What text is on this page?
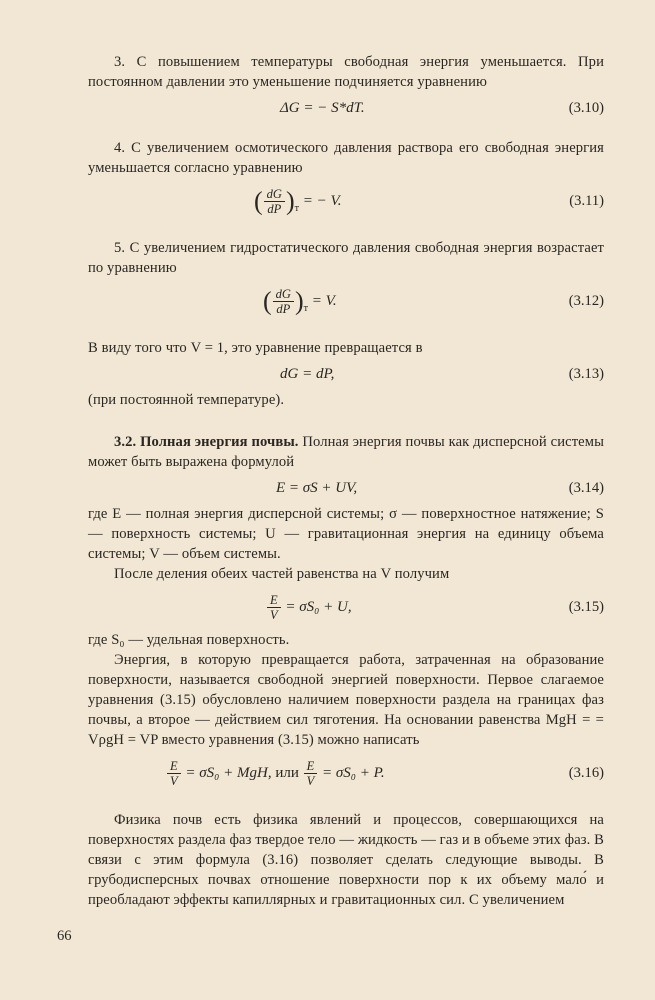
3. С повышением температуры свободная энергия уменьшается. При постоянном давлении это уменьшение подчиняется уравнению

ΔG = − S*dT.	(3.10)

4. С увеличением осмотического давления раствора его свободная энергия уменьшается согласно уравнению

( $\frac{dG}{dP} )_т$ = − V.	(3.11)

5. С увеличением гидростатического давления свободная энергия возрастает по уравнению

( $\frac{dG}{dP} )_т = V$.	(3.12)

В виду того что V = 1, это уравнение превращается в

dG = dP,	(3.13)

(при постоянной температуре).

3.2. Полная энергия почвы. Полная энергия почвы как дисперсной системы может быть выражена формулой

E = σS + UV,	(3.14)

где E — полная энергия дисперсной системы; σ — поверхностное натяжение; S — поверхность системы; U — гравитационная энергия на единицу объема системы; V — объем системы.

После деления обеих частей равенства на V получим

$\frac{E}{V} = \sigma S_0 + U$,	(3.15)

где S₀ — удельная поверхность.

Энергия, в которую превращается работа, затраченная на образование поверхности, называется свободной энергией поверхности. Первое слагаемое уравнения (3.15) обусловлено наличием поверхности раздела на границах фаз почвы, а второе — действием сил тяготения. На основании равенства MgH = = VρgH = VP вместо уравнения (3.15) можно написать

$\frac{E}{V} = \sigma S_0$ + MgH, или $\frac{E}{V} = \sigma S_0 + P$.	(3.16)

Физика почв есть физика явлений и процессов, совершающихся на поверхностях раздела фаз твердое тело — жидкость — газ и в объеме этих фаз. В связи с этим формула (3.16) позволяет сделать следующие выводы. В грубодисперсных почвах отношение поверхности пор к их объему мало́ и преобладают эффекты капиллярных и гравитационных сил. С увеличением

66
